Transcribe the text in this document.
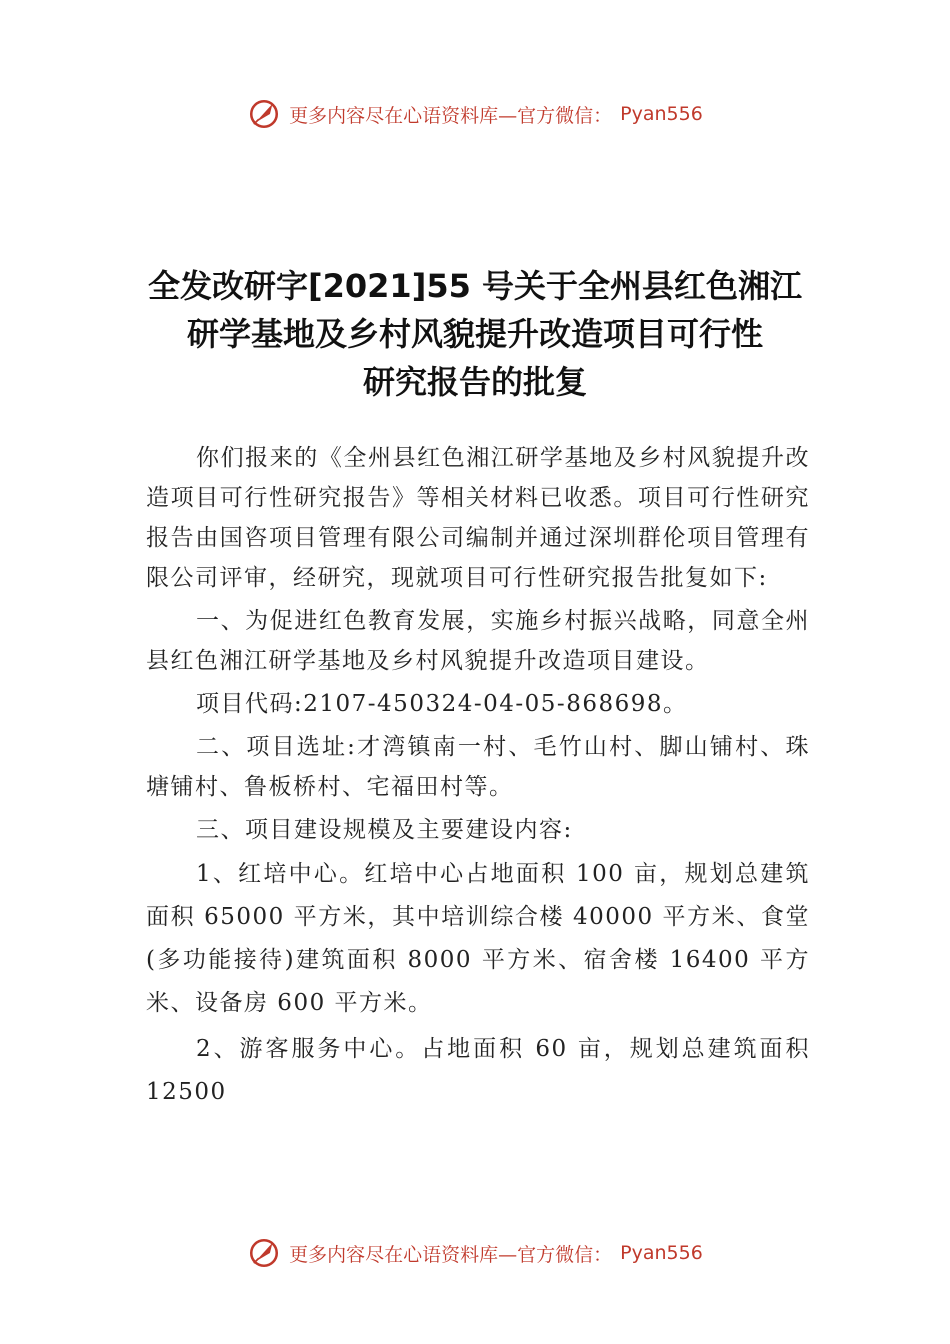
更多内容尽在心语资料库—官方微信： Pyan556
全发改研字[2021]55 号关于全州县红色湘江
研学基地及乡村风貌提升改造项目可行性
研究报告的批复

你们报来的《全州县红色湘江研学基地及乡村风貌提升改造项目可行性研究报告》等相关材料已收悉。项目可行性研究报告由国咨项目管理有限公司编制并通过深圳群伦项目管理有限公司评审，经研究，现就项目可行性研究报告批复如下:

一、为促进红色教育发展，实施乡村振兴战略，同意全州县红色湘江研学基地及乡村风貌提升改造项目建设。

项目代码:2107-450324-04-05-868698。

二、项目选址:才湾镇南一村、毛竹山村、脚山铺村、珠塘铺村、鲁板桥村、宅福田村等。

三、项目建设规模及主要建设内容:

1、红培中心。红培中心占地面积 100 亩，规划总建筑面积 65000 平方米，其中培训综合楼 40000 平方米、食堂(多功能接待)建筑面积 8000 平方米、宿舍楼 16400 平方米、设备房 600 平方米。

2、游客服务中心。占地面积 60 亩，规划总建筑面积 12500

更多内容尽在心语资料库—官方微信： Pyan556
